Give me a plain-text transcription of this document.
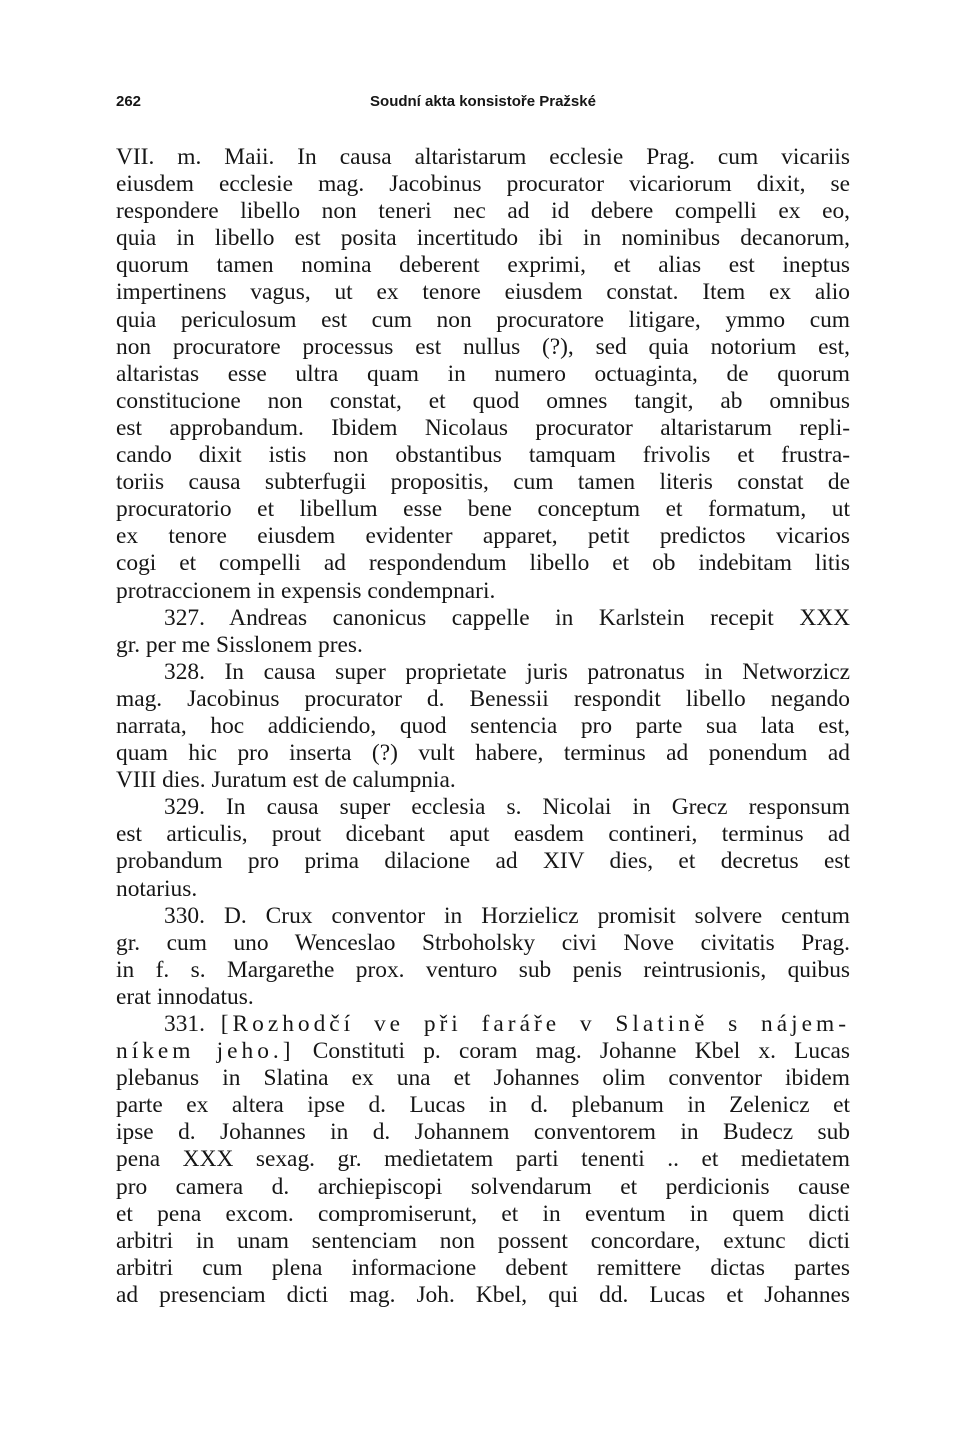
262	Soudní akta konsistoře Pražské
VII. m. Maii. In causa altaristarum ecclesie Prag. cum vicariis
eiusdem ecclesie mag. Jacobinus procurator vicariorum dixit, se
respondere libello non teneri nec ad id debere compelli ex eo,
quia in libello est posita incertitudo ibi in nominibus decanorum,
quorum tamen nomina deberent exprimi, et alias est ineptus
impertinens vagus, ut ex tenore eiusdem constat. Item ex alio
quia periculosum est cum non procuratore litigare, ymmo cum
non procuratore processus est nullus (?), sed quia notorium est,
altaristas esse ultra quam in numero octuaginta, de quorum
constitucione non constat, et quod omnes tangit, ab omnibus
est approbandum. Ibidem Nicolaus procurator altaristarum repli-
cando dixit istis non obstantibus tamquam frivolis et frustra-
toriis causa subterfugii propositis, cum tamen literis constat de
procuratorio et libellum esse bene conceptum et formatum, ut
ex tenore eiusdem evidenter apparet, petit predictos vicarios
cogi et compelli ad respondendum libello et ob indebitam litis
protraccionem in expensis condempnari.
327. Andreas canonicus cappelle in Karlstein recepit XXX
gr. per me Sisslonem pres.
328. In causa super proprietate juris patronatus in Networzicz
mag. Jacobinus procurator d. Benessii respondit libello negando
narrata, hoc addiciendo, quod sentencia pro parte sua lata est,
quam hic pro inserta (?) vult habere, terminus ad ponendum ad
VIII dies. Juratum est de calumpnia.
329. In causa super ecclesia s. Nicolai in Grecz responsum
est articulis, prout dicebant aput easdem contineri, terminus ad
probandum pro prima dilacione ad XIV dies, et decretus est
notarius.
330. D. Crux conventor in Horzielicz promisit solvere centum
gr. cum uno Wenceslao Strboholsky civi Nove civitatis Prag.
in f. s. Margarethe prox. venturo sub penis reintrusionis, quibus
erat innodatus.
331. [Rozhodčí ve při faráře v Slatině s nájem-
níkem jeho.] Constituti p. coram mag. Johanne Kbel x. Lucas
plebanus in Slatina ex una et Johannes olim conventor ibidem
parte ex altera ipse d. Lucas in d. plebanum in Zelenicz et
ipse d. Johannes in d. Johannem conventorem in Budecz sub
pena XXX sexag. gr. medietatem parti tenenti .. et medietatem
pro camera d. archiepiscopi solvendarum et perdicionis cause
et pena excom. compromiserunt, et in eventum in quem dicti
arbitri in unam sentenciam non possent concordare, extunc dicti
arbitri cum plena informacione debent remittere dictas partes
ad presenciam dicti mag. Joh. Kbel, qui dd. Lucas et Johannes
